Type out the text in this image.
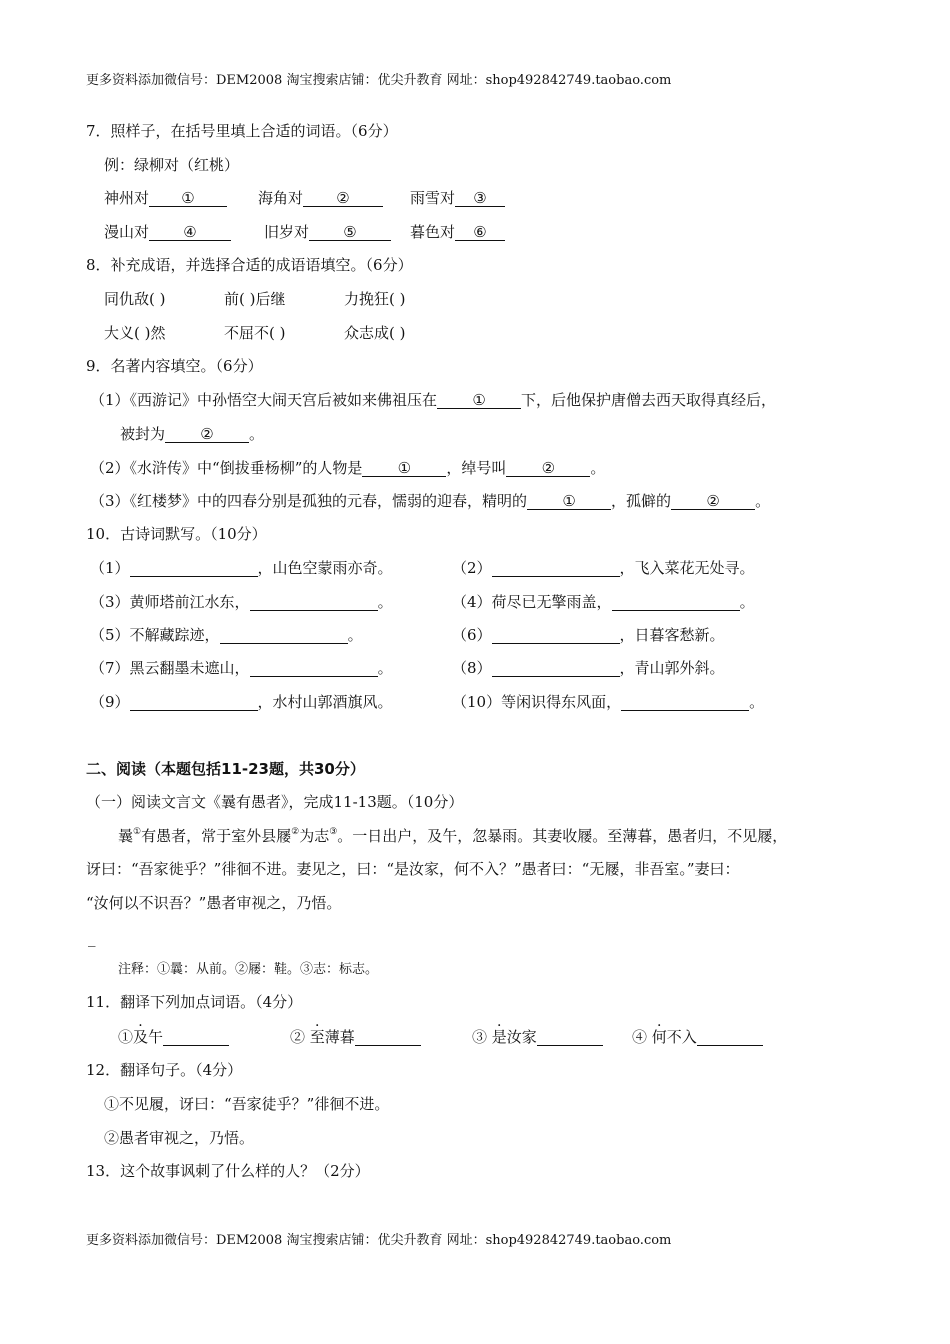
更多资料添加微信号：DEM2008 淘宝搜索店铺：优尖升教育 网址：shop492842749.taobao.com
7．照样子，在括号里填上合适的词语。（6分）
例：绿柳对（红桃）
神州对 ①	海角对 ②	雨雪对 ③
漫山对 ④	旧岁对 ⑤	暮色对 ⑥
8．补充成语，并选择合适的成语语填空。（6分）
同仇敌( )	前( )后继	力挽狂( )
大义( )然	不屈不( )	众志成( )
9．名著内容填空。（6分）
（1）《西游记》中孙悟空大闹天宫后被如来佛祖压在 ① 下，后他保护唐僧去西天取得真经后，
被封为 ② 。
（2）《水浒传》中“倒拔垂杨柳”的人物是 ① ，绰号叫 ② 。
（3）《红楼梦》中的四春分别是孤独的元春，懦弱的迎春，精明的 ① ，孤僻的 ② 。
10．古诗词默写。（10分）
（1）	，山色空蒙雨亦奇。	（2）	，飞入菜花无处寻。
（3）黄师塔前江水东，	。	（4）荷尽已无擎雨盖，	。
（5）不解藏踪迹，	。	（6）	，日暮客愁新。
（7）黑云翻墨未遮山，	。	（8）	，青山郭外斜。
（9）	，水村山郭酒旗风。	（10）等闲识得东风面，	。
二、阅读（本题包括11-23题，共30分）
（一）阅读文言文《曩有愚者》，完成11-13题。（10分）
曩①有愚者，常于室外县屦②为志③。一日出户，及午，忽暴雨。其妻收屦。至薄暮，愚者归，不见屦，
讶曰：“吾家徙乎？”徘徊不进。妻见之，曰：“是汝家，何不入？”愚者曰：“无屦，非吾室。”妻曰：
“汝何以不识吾？”愚者审视之，乃悟。
_
注释：①曩：从前。②屦：鞋。③志：标志。
11．翻译下列加点词语。（4分）
①及午	② 至薄暮	③ 是汝家	④ 何不入
12．翻译句子。（4分）
①不见履，讶曰：“吾家徒乎？”徘徊不进。
②愚者审视之，乃悟。
13．这个故事讽刺了什么样的人？（2分）
更多资料添加微信号：DEM2008 淘宝搜索店铺：优尖升教育 网址：shop492842749.taobao.com
